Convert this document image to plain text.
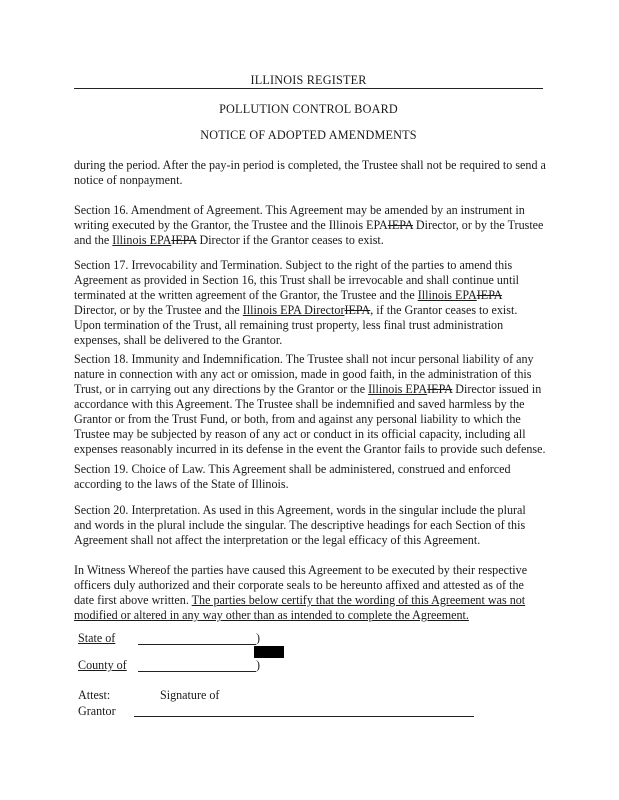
ILLINOIS REGISTER
POLLUTION CONTROL BOARD
NOTICE OF ADOPTED AMENDMENTS

during the period. After the pay-in period is completed, the Trustee shall not be required to send a notice of nonpayment.

Section 16. Amendment of Agreement. This Agreement may be amended by an instrument in writing executed by the Grantor, the Trustee and the Illinois EPAIEPA Director, or by the Trustee and the Illinois EPAIEPA Director if the Grantor ceases to exist.

Section 17. Irrevocability and Termination. Subject to the right of the parties to amend this Agreement as provided in Section 16, this Trust shall be irrevocable and shall continue until terminated at the written agreement of the Grantor, the Trustee and the Illinois EPAIEPA Director, or by the Trustee and the Illinois EPA DirectorIEPA, if the Grantor ceases to exist. Upon termination of the Trust, all remaining trust property, less final trust administration expenses, shall be delivered to the Grantor.

Section 18. Immunity and Indemnification. The Trustee shall not incur personal liability of any nature in connection with any act or omission, made in good faith, in the administration of this Trust, or in carrying out any directions by the Grantor or the Illinois EPAIEPA Director issued in accordance with this Agreement. The Trustee shall be indemnified and saved harmless by the Grantor or from the Trust Fund, or both, from and against any personal liability to which the Trustee may be subjected by reason of any act or conduct in its official capacity, including all expenses reasonably incurred in its defense in the event the Grantor fails to provide such defense.

Section 19. Choice of Law. This Agreement shall be administered, construed and enforced according to the laws of the State of Illinois.

Section 20. Interpretation. As used in this Agreement, words in the singular include the plural and words in the plural include the singular. The descriptive headings for each Section of this Agreement shall not affect the interpretation or the legal efficacy of this Agreement.

In Witness Whereof the parties have caused this Agreement to be executed by their respective officers duly authorized and their corporate seals to be hereunto affixed and attested as of the date first above written. The parties below certify that the wording of this Agreement was not modified or altered in any way other than as intended to complete the Agreement.

State of	)
County of	)
Attest:	Signature of
Grantor
